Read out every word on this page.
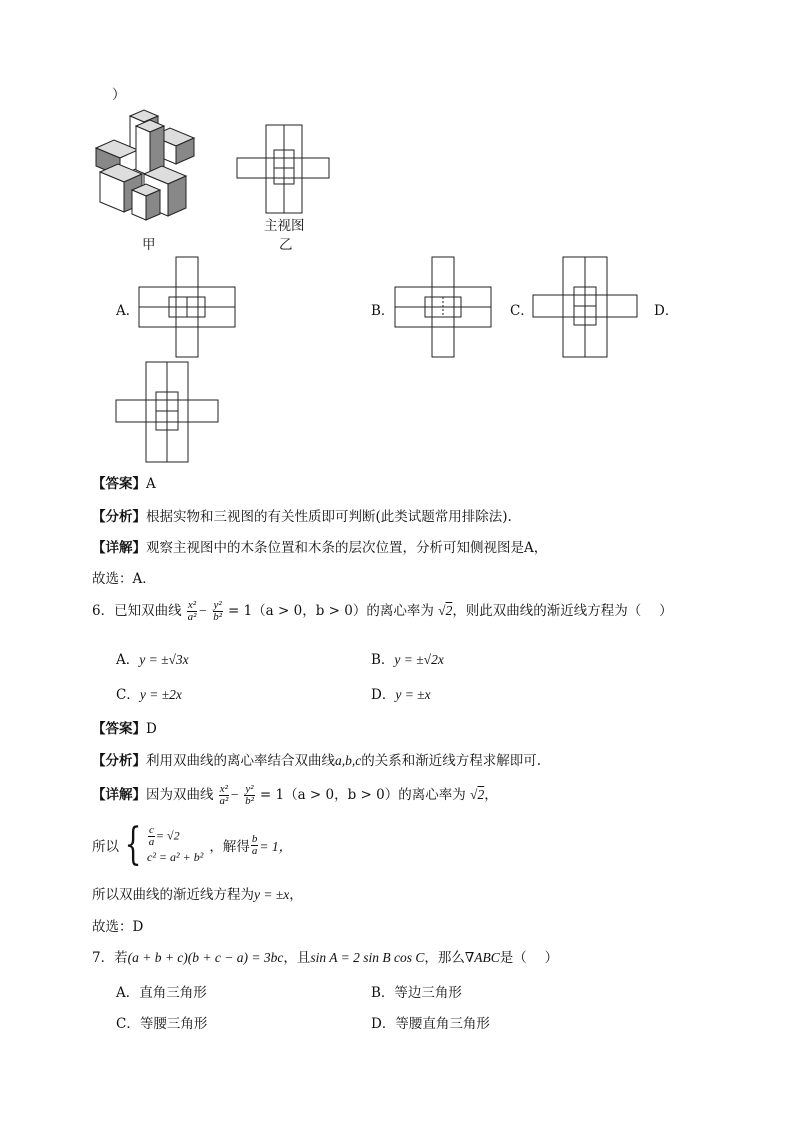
）
甲
主视图
乙
A．	B．	C．	D．
【答案】A
【分析】根据实物和三视图的有关性质即可判断(此类试题常用排除法).
【详解】观察主视图中的木条位置和木条的层次位置，分析可知侧视图是A，
故选：A．
6．已知双曲线 $\frac{\text{x²}}{\text{a²}} - \frac{\text{y²}}{\text{b²}} = 1(a > 0$，b > 0）的离心率为 √2，则此双曲线的渐近线方程为（　 ）
A．y = ±√3x	B．y = ±√2x
C．y = ±2x	D．y = ±x
【答案】D
【分析】利用双曲线的离心率结合双曲线a,b,c的关系和渐近线方程求解即可.
【详解】因为双曲线 $\frac{\text{x²}}{\text{a²}} - \frac{\text{y²}}{\text{b²}} = 1(a > 0$，b > 0）的离心率为 √2，
所以 { $\frac{c}{a} = √2$
c² = a² + b²
，解得 $\frac{b}{a} = 1$，
所以双曲线的渐近线方程为y = ±x，
故选：D
7．若(a + b + c)(b + c − a) = 3bc，且sin A = 2 sin B cos C，那么∇ABC是（　 ）
A．直角三角形	B．等边三角形
C．等腰三角形	D．等腰直角三角形
